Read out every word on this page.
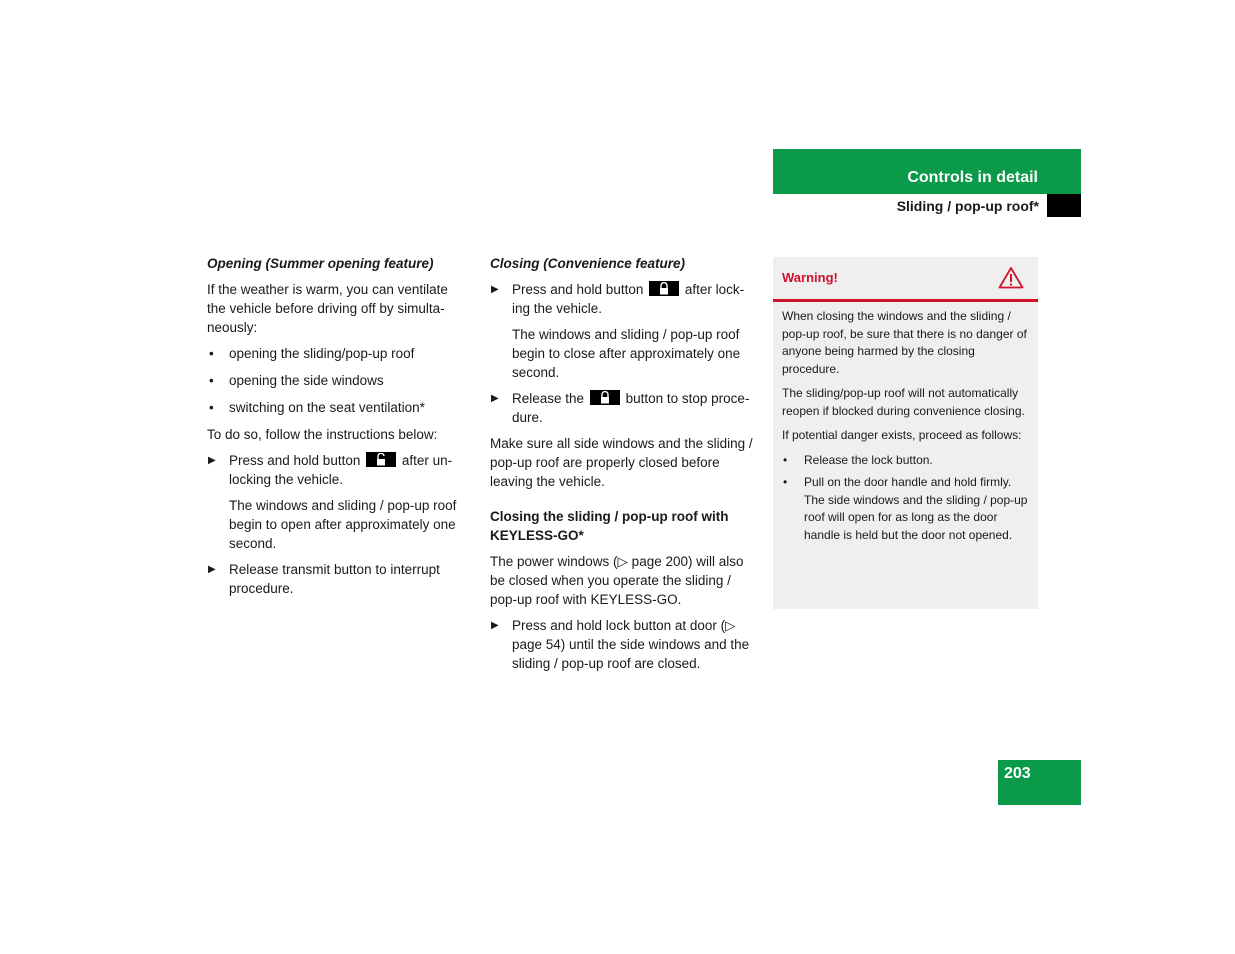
Controls in detail
Sliding / pop-up roof*
Opening (Summer opening feature)

If the weather is warm, you can ventilate the vehicle before driving off by simultaneously:

• opening the sliding/pop-up roof
• opening the side windows
• switching on the seat ventilation*

To do so, follow the instructions below:

▶ Press and hold button	after unlocking the vehicle.
The windows and sliding / pop-up roof begin to open after approximately one second.
▶ Release transmit button to interrupt procedure.
Closing (Convenience feature)
▶ Press and hold button	after locking the vehicle.
The windows and sliding / pop-up roof begin to close after approximately one second.
▶ Release the	button to stop procedure.

Make sure all side windows and the sliding / pop-up roof are properly closed before leaving the vehicle.

Closing the sliding / pop-up roof with KEYLESS-GO*

The power windows (▷ page 200) will also be closed when you operate the sliding / pop-up roof with KEYLESS-GO.

▶ Press and hold lock button at door (▷ page 54) until the side windows and the sliding / pop-up roof are closed.
Warning!

When closing the windows and the sliding / pop-up roof, be sure that there is no danger of anyone being harmed by the closing procedure.

The sliding/pop-up roof will not automatically reopen if blocked during convenience closing.

If potential danger exists, proceed as follows:

• Release the lock button.
• Pull on the door handle and hold firmly. The side windows and the sliding / pop-up roof will open for as long as the door handle is held but the door not opened.
203
